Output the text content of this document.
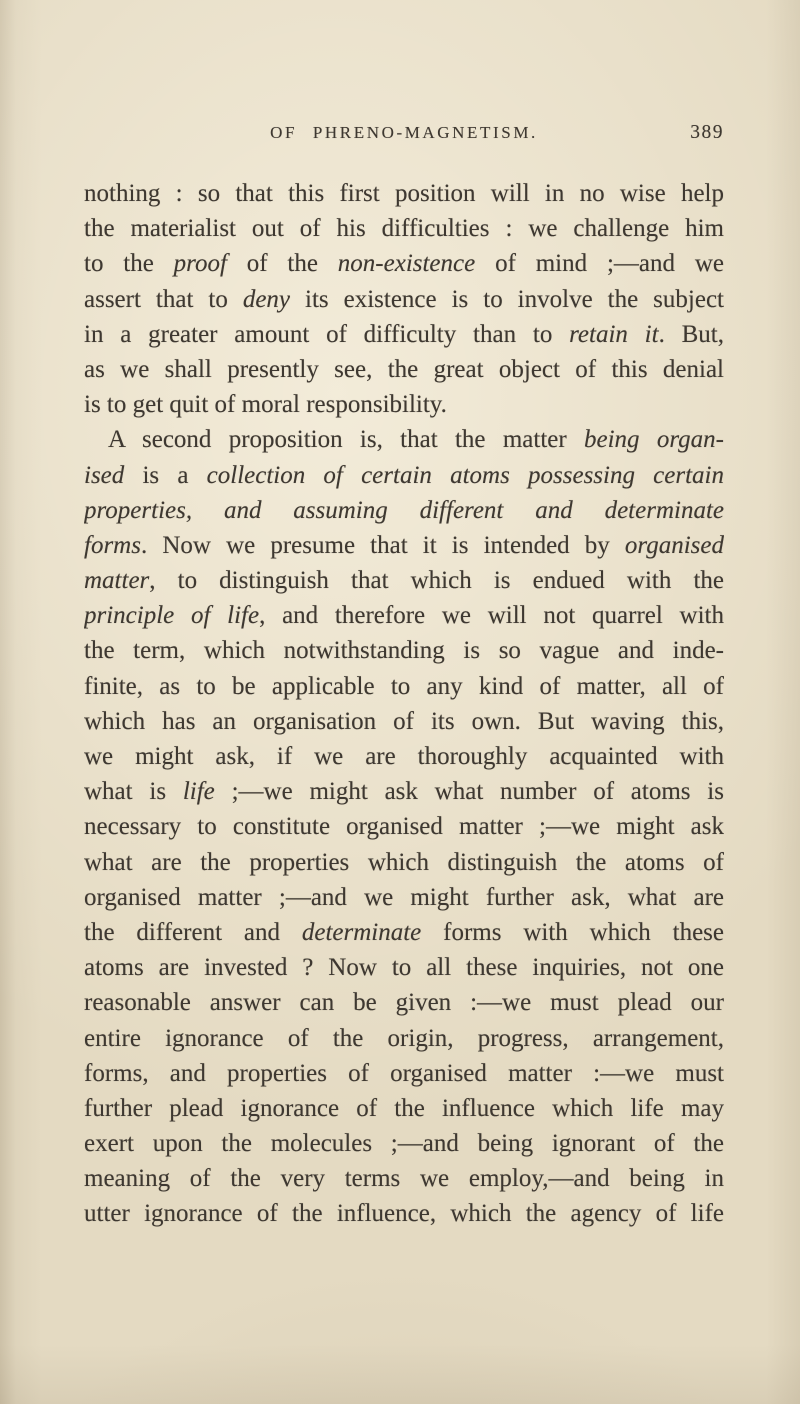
OF PHRENO-MAGNETISM.	389
nothing : so that this first position will in no wise help
the materialist out of his difficulties : we challenge him
to the proof of the non-existence of mind ;—and we
assert that to deny its existence is to involve the subject
in a greater amount of difficulty than to retain it. But,
as we shall presently see, the great object of this denial
is to get quit of moral responsibility.
A second proposition is, that the matter being organ-
ised is a collection of certain atoms possessing certain
properties, and assuming different and determinate
forms. Now we presume that it is intended by organised
matter, to distinguish that which is endued with the
principle of life, and therefore we will not quarrel with
the term, which notwithstanding is so vague and inde-
finite, as to be applicable to any kind of matter, all of
which has an organisation of its own. But waving this,
we might ask, if we are thoroughly acquainted with
what is life ;—we might ask what number of atoms is
necessary to constitute organised matter ;—we might ask
what are the properties which distinguish the atoms of
organised matter ;—and we might further ask, what are
the different and determinate forms with which these
atoms are invested ? Now to all these inquiries, not one
reasonable answer can be given :—we must plead our
entire ignorance of the origin, progress, arrangement,
forms, and properties of organised matter :—we must
further plead ignorance of the influence which life may
exert upon the molecules ;—and being ignorant of the
meaning of the very terms we employ,—and being in
utter ignorance of the influence, which the agency of life
